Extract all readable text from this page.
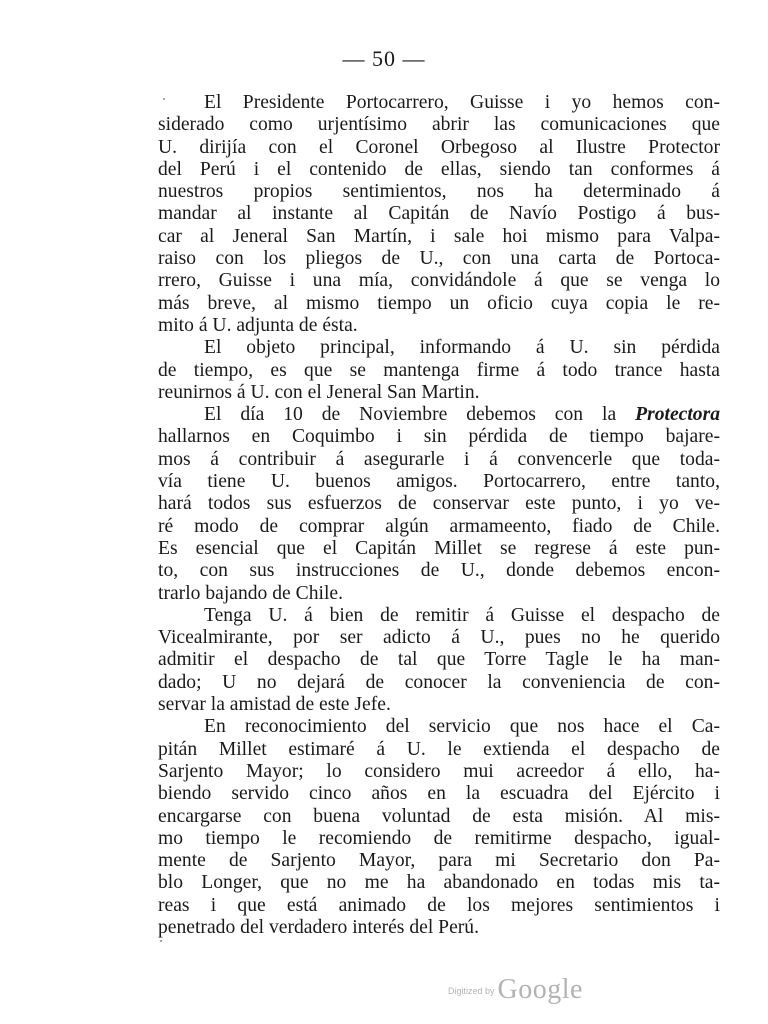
— 50 —
El Presidente Portocarrero, Guisse i yo hemos con-
siderado como urjentísimo abrir las comunicaciones que
U. dirijía con el Coronel Orbegoso al Ilustre Protector
del Perú i el contenido de ellas, siendo tan conformes á
nuestros propios sentimientos, nos ha determinado á
mandar al instante al Capitán de Navío Postigo á bus-
car al Jeneral San Martín, i sale hoi mismo para Valpa-
raiso con los pliegos de U., con una carta de Portoca-
rrero, Guisse i una mía, convidándole á que se venga lo
más breve, al mismo tiempo un oficio cuya copia le re-
mito á U. adjunta de ésta.
El objeto principal, informando á U. sin pérdida
de tiempo, es que se mantenga firme á todo trance hasta
reunirnos á U. con el Jeneral San Martin.
El día 10 de Noviembre debemos con la Protectora
hallarnos en Coquimbo i sin pérdida de tiempo bajare-
mos á contribuir á asegurarle i á convencerle que toda-
vía tiene U. buenos amigos. Portocarrero, entre tanto,
hará todos sus esfuerzos de conservar este punto, i yo ve-
ré modo de comprar algún armameento, fiado de Chile.
Es esencial que el Capitán Millet se regrese á este pun-
to, con sus instrucciones de U., donde debemos encon-
trarlo bajando de Chile.
Tenga U. á bien de remitir á Guisse el despacho de
Vicealmirante, por ser adicto á U., pues no he querido
admitir el despacho de tal que Torre Tagle le ha man-
dado; U no dejará de conocer la conveniencia de con-
servar la amistad de este Jefe.
En reconocimiento del servicio que nos hace el Ca-
pitán Millet estimaré á U. le extienda el despacho de
Sarjento Mayor; lo considero mui acreedor á ello, ha-
biendo servido cinco años en la escuadra del Ejército i
encargarse con buena voluntad de esta misión. Al mis-
mo tiempo le recomiendo de remitirme despacho, igual-
mente de Sarjento Mayor, para mi Secretario don Pa-
blo Longer, que no me ha abandonado en todas mis ta-
reas i que está animado de los mejores sentimientos i
penetrado del verdadero interés del Perú.
$^{Digitized by}$ Google
